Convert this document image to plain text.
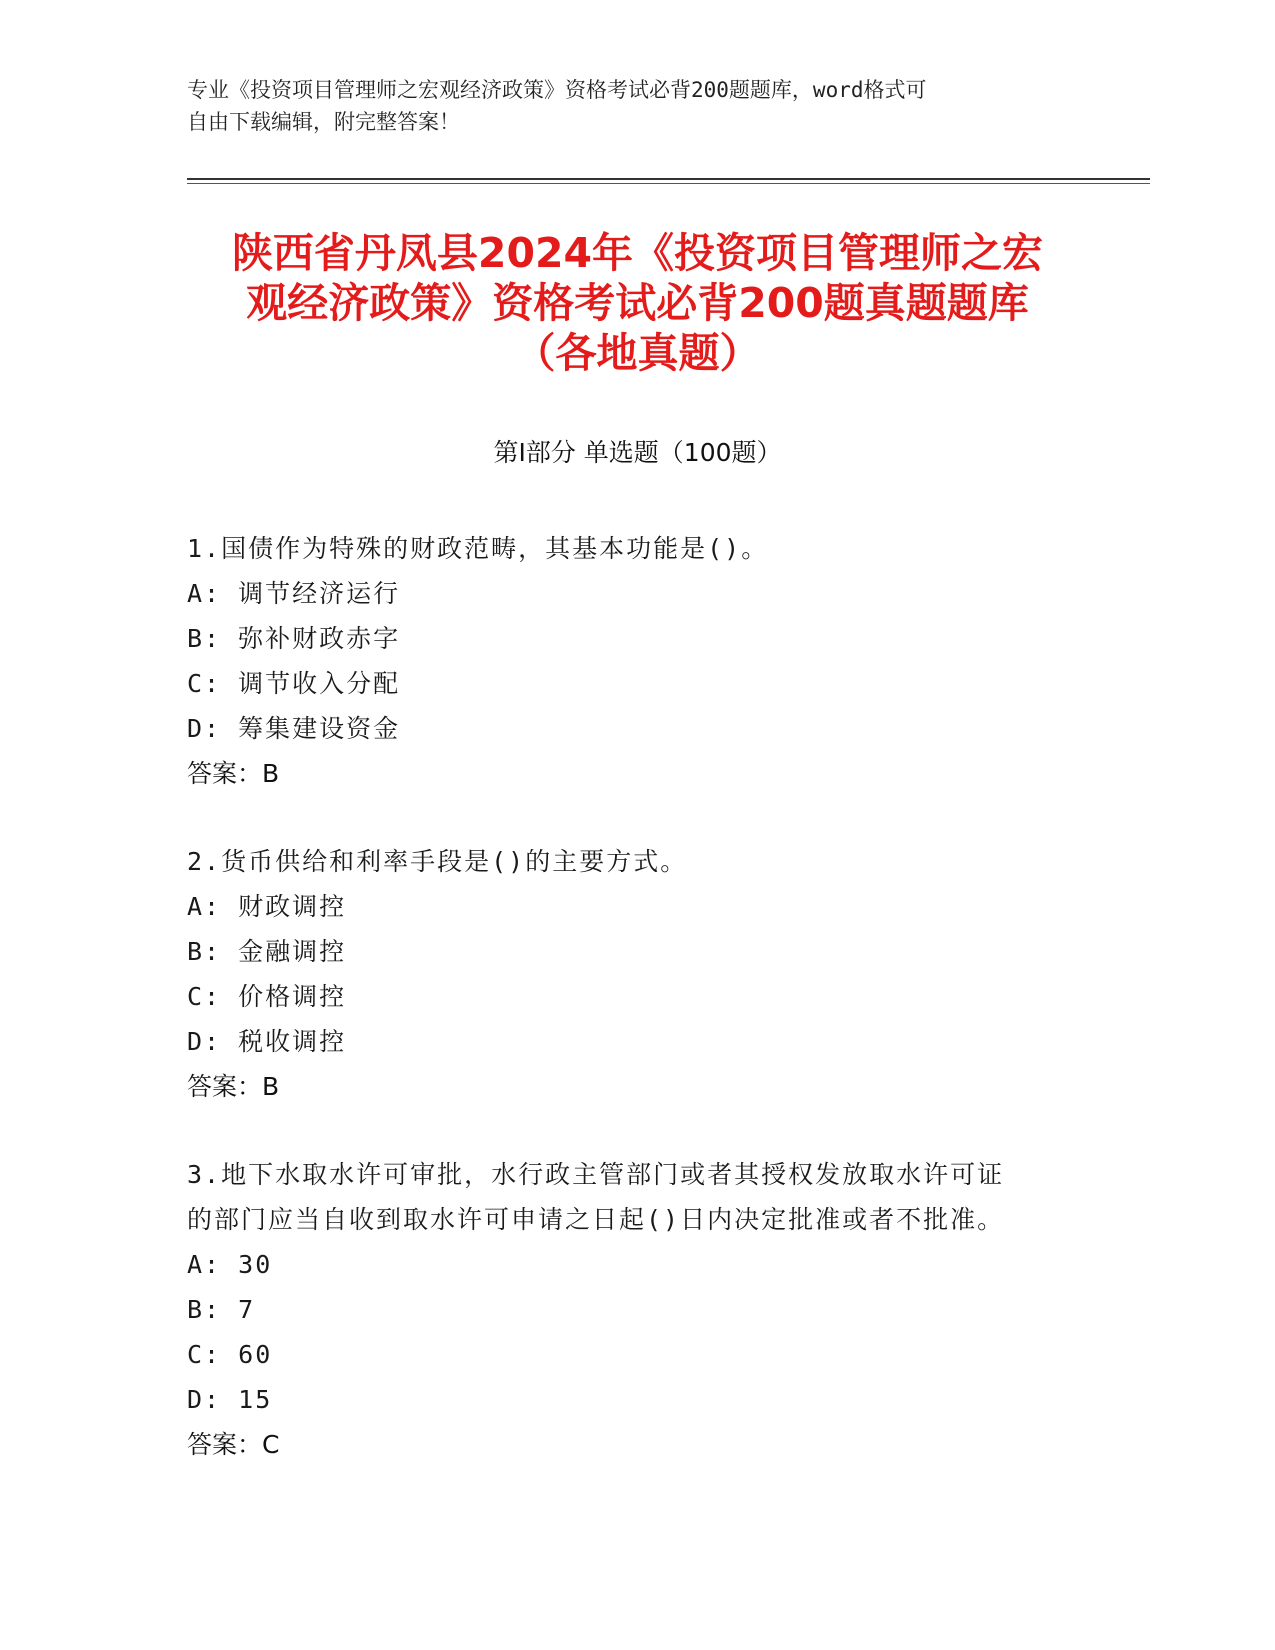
专业《投资项目管理师之宏观经济政策》资格考试必背200题题库，word格式可
自由下载编辑，附完整答案！
陕西省丹凤县2024年《投资项目管理师之宏
观经济政策》资格考试必背200题真题题库
（各地真题）
第Ⅰ部分 单选题（100题）
1.国债作为特殊的财政范畴，其基本功能是()。
A: 调节经济运行
B: 弥补财政赤字
C: 调节收入分配
D: 筹集建设资金
答案：B
2.货币供给和利率手段是()的主要方式。
A: 财政调控
B: 金融调控
C: 价格调控
D: 税收调控
答案：B
3.地下水取水许可审批，水行政主管部门或者其授权发放取水许可证
的部门应当自收到取水许可申请之日起()日内决定批准或者不批准。
A: 30
B: 7
C: 60
D: 15
答案：C
